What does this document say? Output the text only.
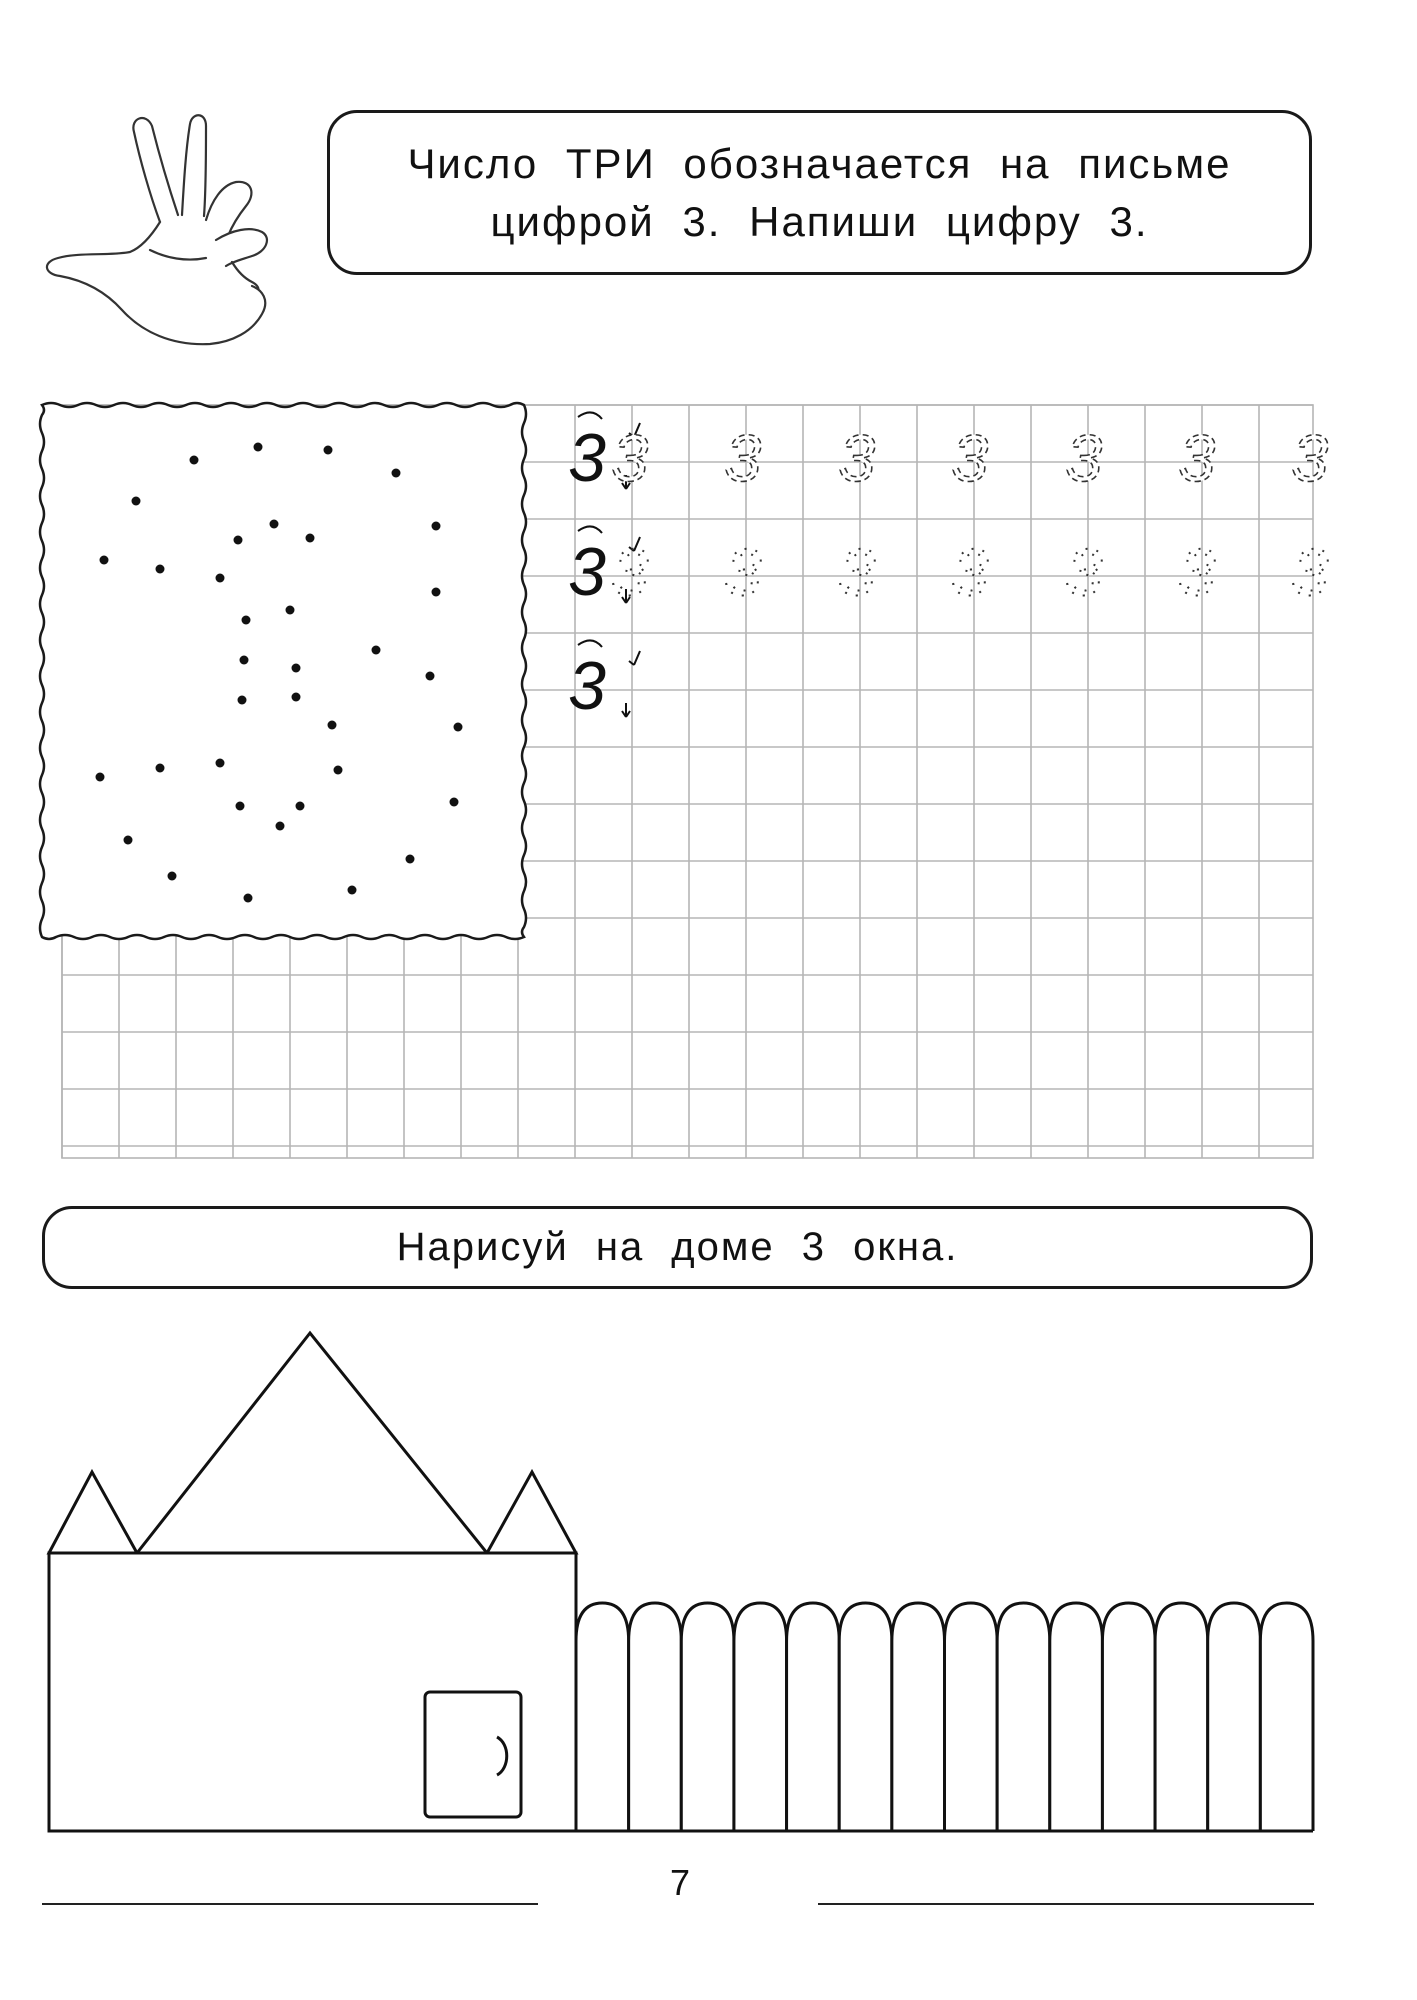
3 3 3 3 3 3 3 3
3 3 3 3 3 3 3 3
3
Число ТРИ обозначается на письме
цифрой 3. Напиши цифру 3.
Нарисуй на доме 3 окна.
7
